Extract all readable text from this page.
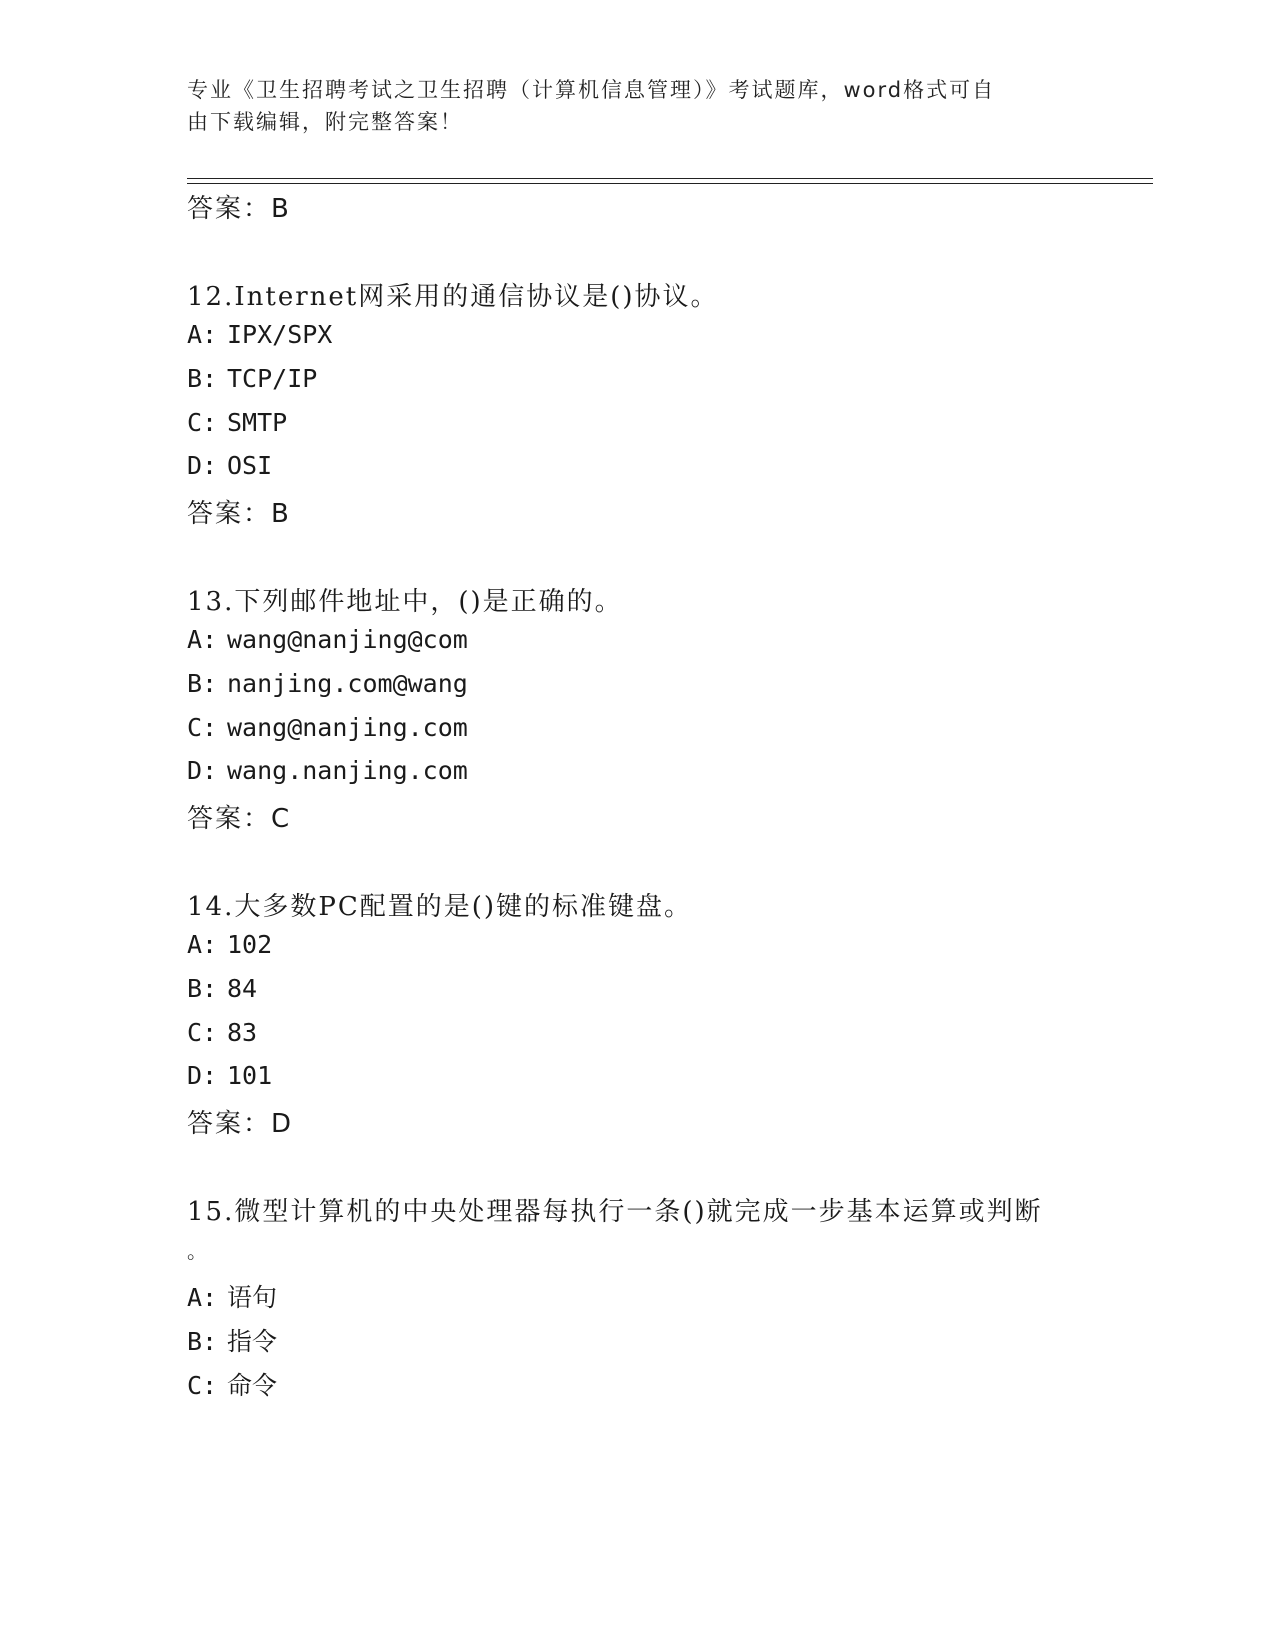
专业《卫生招聘考试之卫生招聘（计算机信息管理）》考试题库，word格式可自
由下载编辑，附完整答案！
答案：B
12.Internet网采用的通信协议是()协议。
A: IPX/SPX
B: TCP/IP
C: SMTP
D: OSI
答案：B
13.下列邮件地址中，()是正确的。
A: wang@nanjing@com
B: nanjing.com@wang
C: wang@nanjing.com
D: wang.nanjing.com
答案：C
14.大多数PC配置的是()键的标准键盘。
A: 102
B: 84
C: 83
D: 101
答案：D
15.微型计算机的中央处理器每执行一条()就完成一步基本运算或判断
。
A: 语句
B: 指令
C: 命令
